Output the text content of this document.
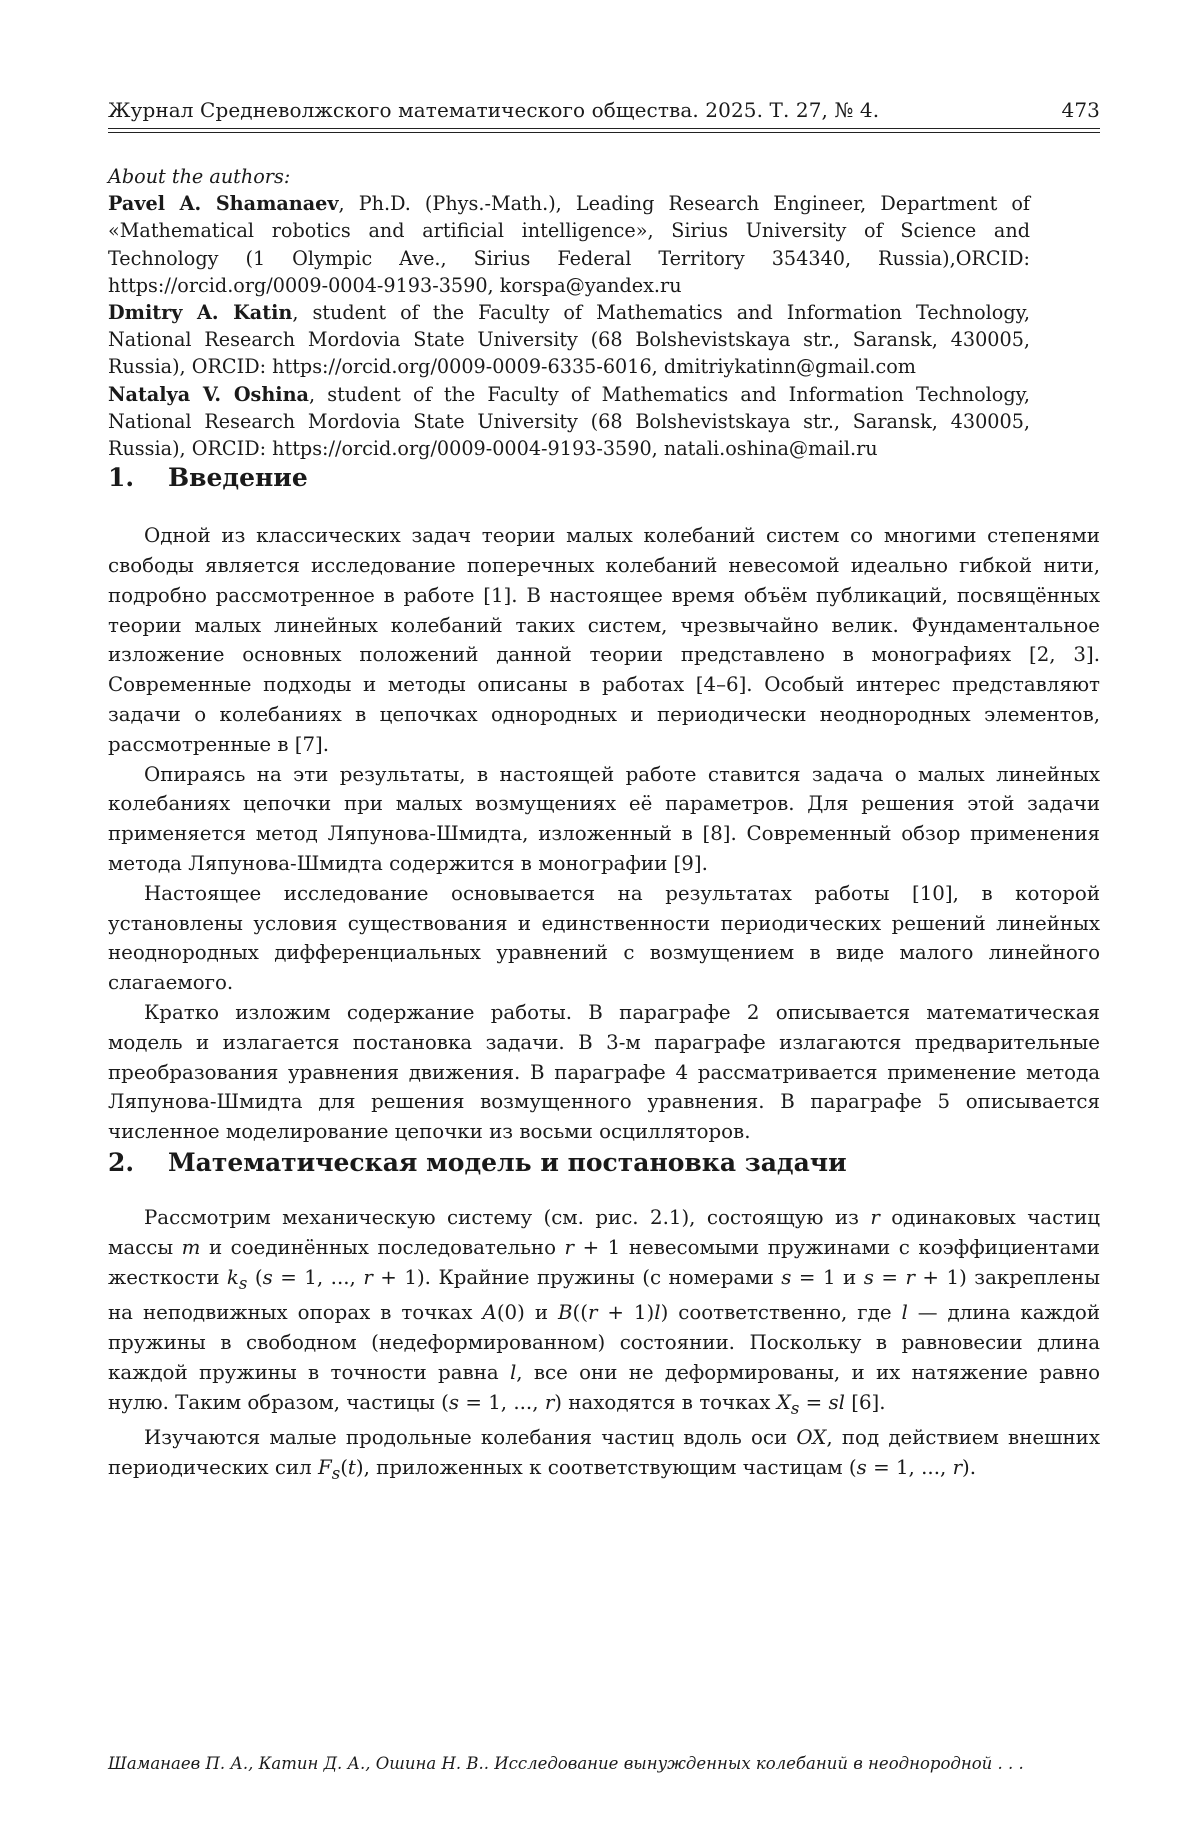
Журнал Средневолжского математического общества. 2025. Т. 27, № 4.	473
About the authors:
Pavel A. Shamanaev, Ph.D. (Phys.-Math.), Leading Research Engineer, Department of «Mathematical robotics and artificial intelligence», Sirius University of Science and Technology (1 Olympic Ave., Sirius Federal Territory 354340, Russia),ORCID: https://orcid.org/0009-0004-9193-3590, korspa@yandex.ru
Dmitry A. Katin, student of the Faculty of Mathematics and Information Technology, National Research Mordovia State University (68 Bolshevistskaya str., Saransk, 430005, Russia), ORCID: https://orcid.org/0009-0009-6335-6016, dmitriykatinn@gmail.com
Natalya V. Oshina, student of the Faculty of Mathematics and Information Technology, National Research Mordovia State University (68 Bolshevistskaya str., Saransk, 430005, Russia), ORCID: https://orcid.org/0009-0004-9193-3590, natali.oshina@mail.ru
1.	Введение

Одной из классических задач теории малых колебаний систем со многими степенями свободы является исследование поперечных колебаний невесомой идеально гибкой нити, подробно рассмотренное в работе [1]. В настоящее время объём публикаций, посвящённых теории малых линейных колебаний таких систем, чрезвычайно велик. Фундаментальное изложение основных положений данной теории представлено в монографиях [2, 3]. Современные подходы и методы описаны в работах [4–6]. Особый интерес представляют задачи о колебаниях в цепочках однородных и периодически неоднородных элементов, рассмотренные в [7].

Опираясь на эти результаты, в настоящей работе ставится задача о малых линейных колебаниях цепочки при малых возмущениях её параметров. Для решения этой задачи применяется метод Ляпунова-Шмидта, изложенный в [8]. Современный обзор применения метода Ляпунова-Шмидта содержится в монографии [9].

Настоящее исследование основывается на результатах работы [10], в которой установлены условия существования и единственности периодических решений линейных неоднородных дифференциальных уравнений с возмущением в виде малого линейного слагаемого.

Кратко изложим содержание работы. В параграфе 2 описывается математическая модель и излагается постановка задачи. В 3-м параграфе излагаются предварительные преобразования уравнения движения. В параграфе 4 рассматривается применение метода Ляпунова-Шмидта для решения возмущенного уравнения. В параграфе 5 описывается численное моделирование цепочки из восьми осцилляторов.

2.	Математическая модель и постановка задачи

Рассмотрим механическую систему (см. рис. 2.1), состоящую из r одинаковых частиц массы m и соединённых последовательно r + 1 невесомыми пружинами с коэффициентами жесткости $k_s$ (s = 1, ..., r + 1). Крайние пружины (с номерами s = 1 и s = r + 1) закреплены на неподвижных опорах в точках A(0) и B((r + 1)l) соответственно, где l — длина каждой пружины в свободном (недеформированном) состоянии. Поскольку в равновесии длина каждой пружины в точности равна l, все они не деформированы, и их натяжение равно нулю. Таким образом, частицы (s = 1, ..., r) находятся в точках $X_s$ = sl [6].

Изучаются малые продольные колебания частиц вдоль оси OX, под действием внешних периодических сил $F_s(t)$, приложенных к соответствующим частицам (s = 1, ..., r).

Шаманаев П. А., Катин Д. А., Ошина Н. В.. Исследование вынужденных колебаний в неоднородной . . .
